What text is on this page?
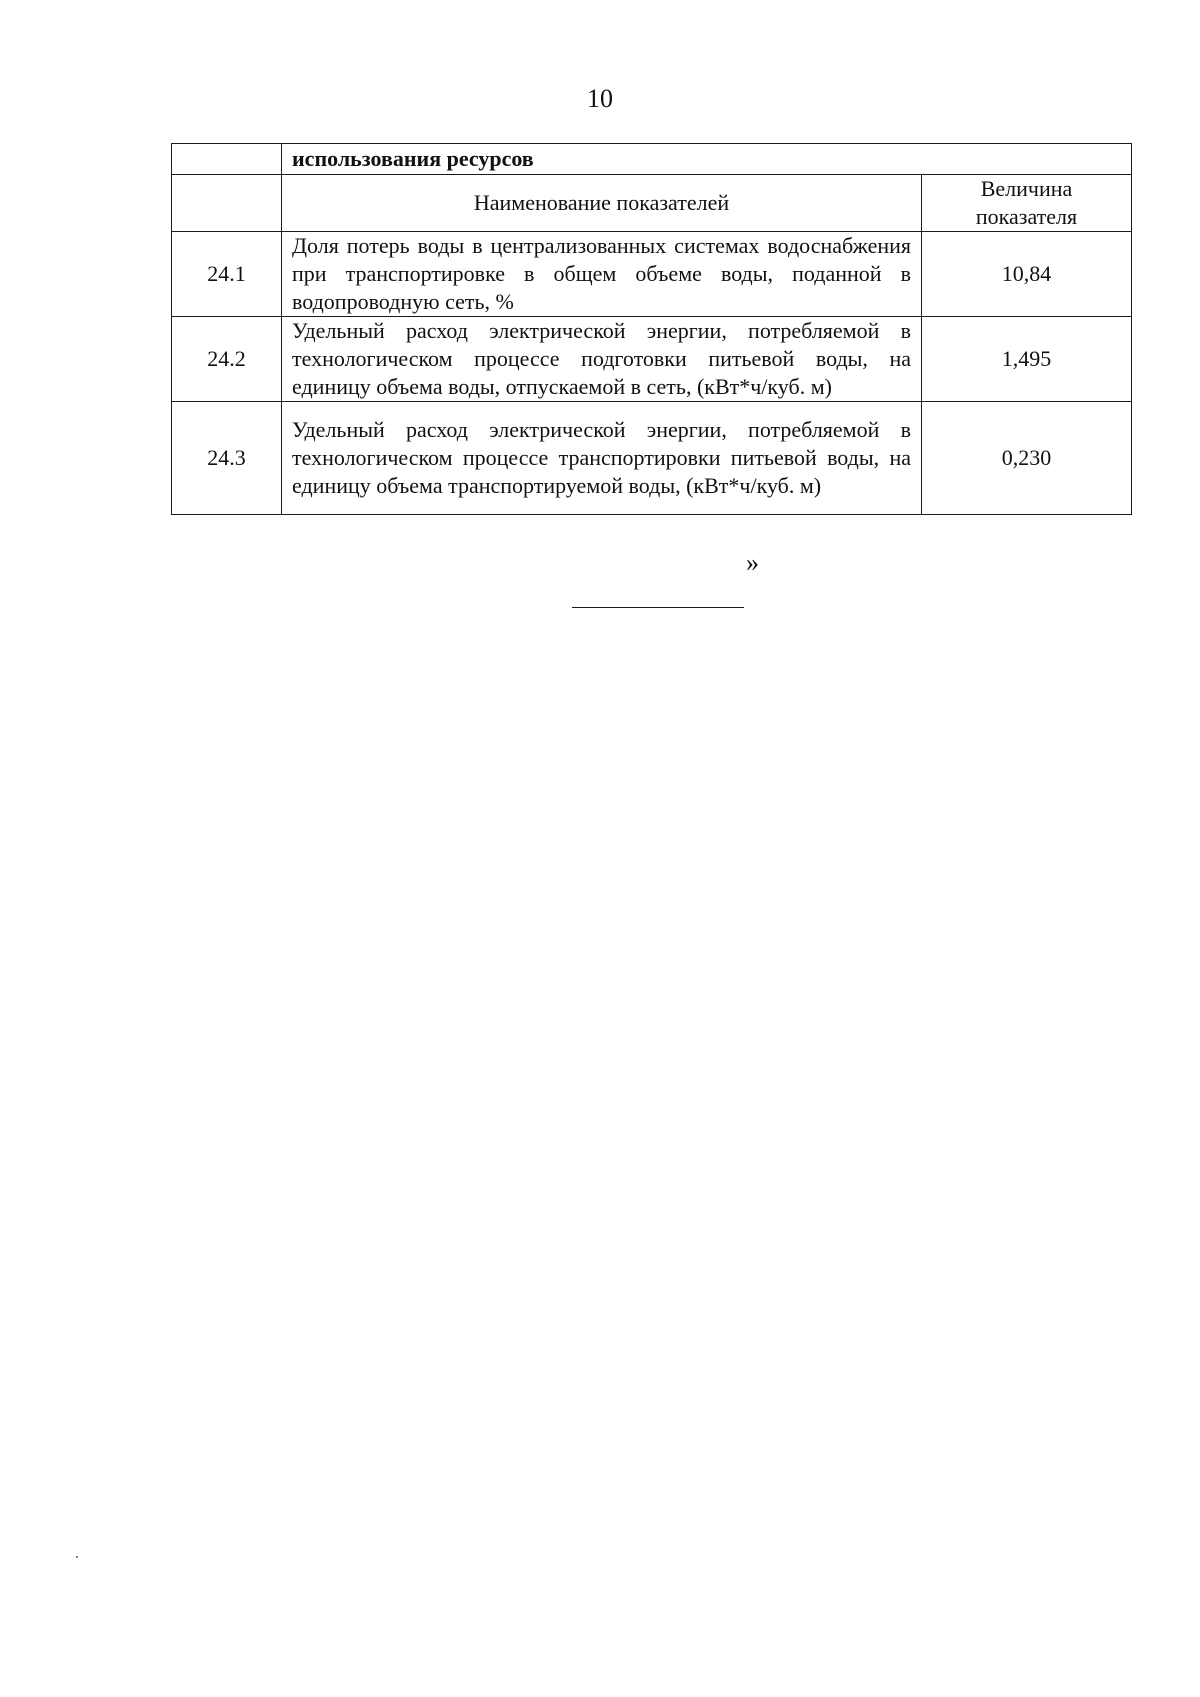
10
	использования ресурсов	
	Наименование показателей	Величина показателя
24.1	Доля потерь воды в централизованных системах водоснабжения при транспортировке в общем объеме воды, поданной в водопроводную сеть, %	10,84
24.2	Удельный расход электрической энергии, потребляемой в технологическом процессе подготовки питьевой воды, на единицу объема воды, отпускаемой в сеть, (кВт*ч/куб. м)	1,495
24.3	Удельный расход электрической энергии, потребляемой в технологическом процессе транспортировки питьевой воды, на единицу объема транспортируемой воды, (кВт*ч/куб. м)	0,230
»
